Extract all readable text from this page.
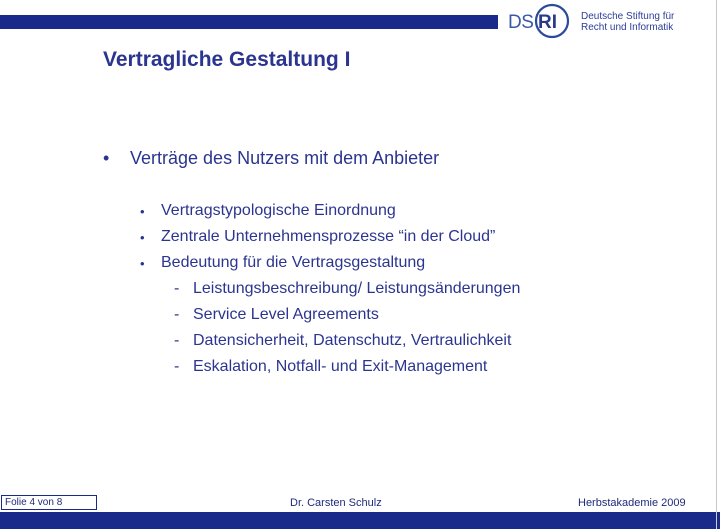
DS RI Deutsche Stiftung für
Recht und Informatik
Vertragliche Gestaltung I
• Verträge des Nutzers mit dem Anbieter
• Vertragstypologische Einordnung
• Zentrale Unternehmensprozesse “in der Cloud”
• Bedeutung für die Vertragsgestaltung
- Leistungsbeschreibung/ Leistungsänderungen
- Service Level Agreements
- Datensicherheit, Datenschutz, Vertraulichkeit
- Eskalation, Notfall- und Exit-Management
Folie 4 von 8	Dr. Carsten Schulz	Herbstakademie 2009
